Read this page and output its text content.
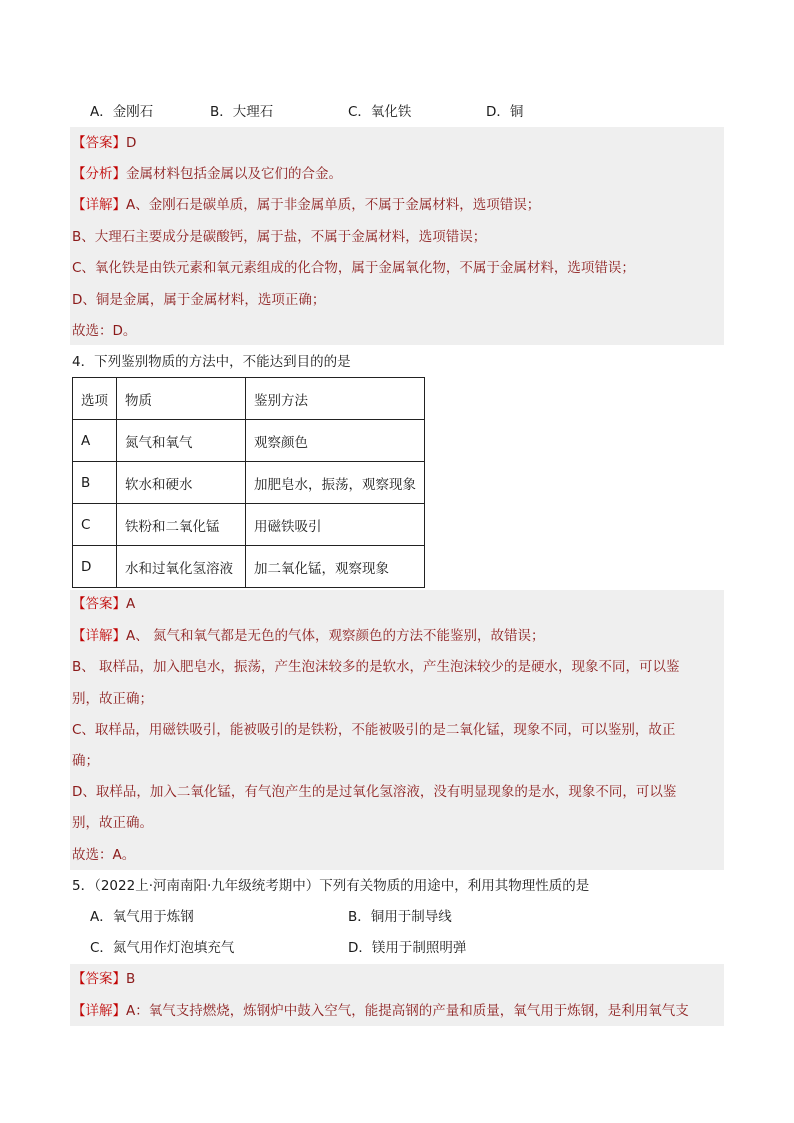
A．金刚石	B．大理石	C．氧化铁	D．铜
【答案】D
【分析】金属材料包括金属以及它们的合金。
【详解】A、金刚石是碳单质，属于非金属单质，不属于金属材料，选项错误；
B、大理石主要成分是碳酸钙，属于盐，不属于金属材料，选项错误；
C、氧化铁是由铁元素和氧元素组成的化合物，属于金属氧化物，不属于金属材料，选项错误；
D、铜是金属，属于金属材料，选项正确；
故选：D。
4．下列鉴别物质的方法中，不能达到目的的是
选项	物质	鉴别方法
A	氮气和氧气	观察颜色
B	软水和硬水	加肥皂水，振荡，观察现象
C	铁粉和二氧化锰	用磁铁吸引
D	水和过氧化氢溶液	加二氧化锰，观察现象
【答案】A
【详解】A、 氮气和氧气都是无色的气体，观察颜色的方法不能鉴别，故错误；
B、 取样品，加入肥皂水，振荡，产生泡沫较多的是软水，产生泡沫较少的是硬水，现象不同，可以鉴
别，故正确；
C、取样品，用磁铁吸引，能被吸引的是铁粉，不能被吸引的是二氧化锰，现象不同，可以鉴别，故正
确；
D、取样品，加入二氧化锰，有气泡产生的是过氧化氢溶液，没有明显现象的是水，现象不同，可以鉴
别，故正确。
故选：A。
5．（2022上·河南南阳·九年级统考期中）下列有关物质的用途中，利用其物理性质的是
A．氧气用于炼钢	B．铜用于制导线
C．氮气用作灯泡填充气	D．镁用于制照明弹
【答案】B
【详解】A：氧气支持燃烧，炼钢炉中鼓入空气，能提高钢的产量和质量，氧气用于炼钢，是利用氧气支
